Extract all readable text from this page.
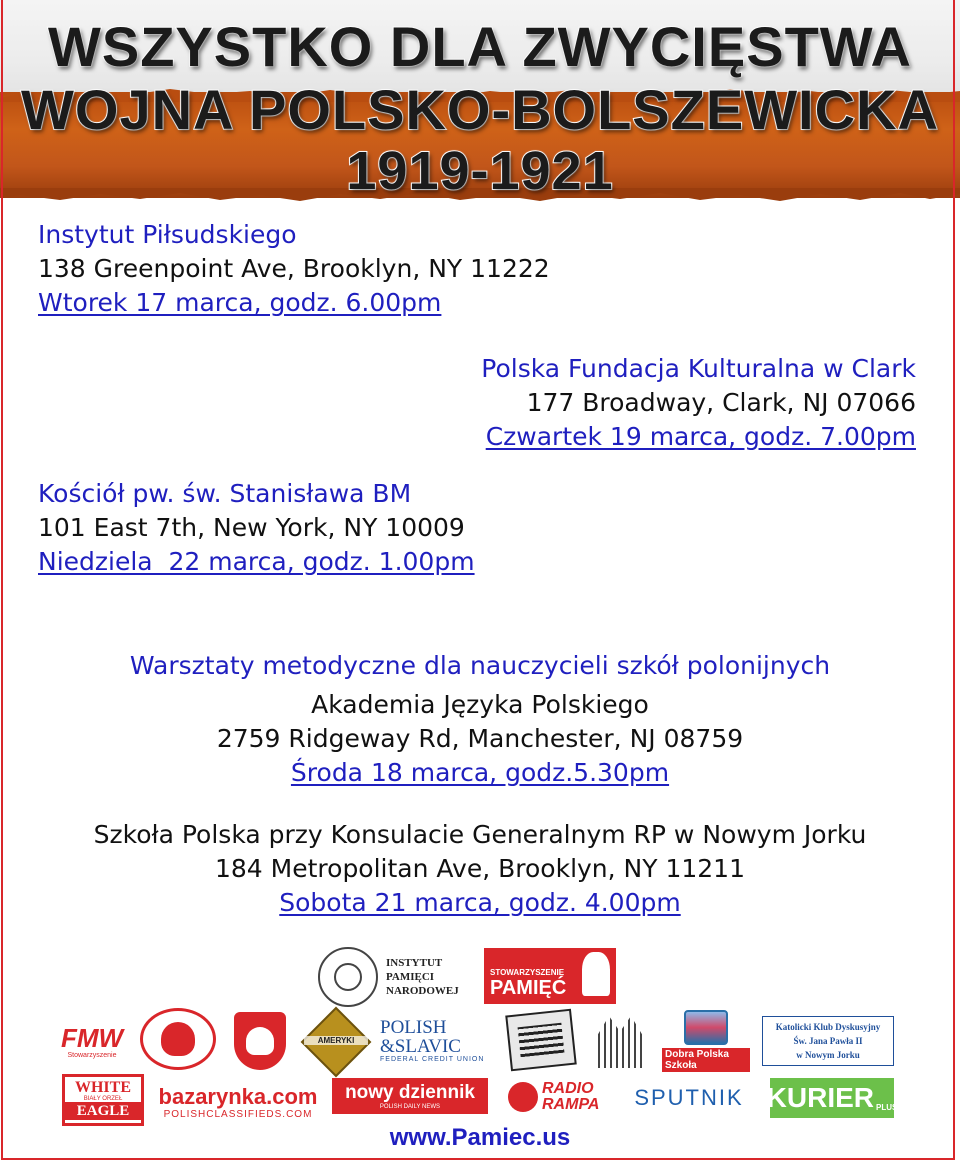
WSZYSTKO DLA ZWYCIĘSTWA
WOJNA POLSKO-BOLSZEWICKA
1919-1921
Instytut Piłsudskiego
138 Greenpoint Ave, Brooklyn, NY 11222
Wtorek 17 marca, godz. 6.00pm
Polska Fundacja Kulturalna w Clark
177 Broadway, Clark, NJ 07066
Czwartek 19 marca, godz. 7.00pm
Kościół pw. św. Stanisława BM
101 East 7th, New York, NY 10009
Niedziela  22 marca, godz. 1.00pm
Warsztaty metodyczne dla nauczycieli szkół polonijnych
Akademia Języka Polskiego
2759 Ridgeway Rd, Manchester, NJ 08759
Środa 18 marca, godz.5.30pm
Szkoła Polska przy Konsulacie Generalnym RP w Nowym Jorku
184 Metropolitan Ave, Brooklyn, NY 11211
Sobota 21 marca, godz. 4.00pm
INSTYTUT
PAMIĘCI
NARODOWEJ
STOWARZYSZENIE
PAMIĘĆ
FMW
Stowarzyszenie
AMERYKI
POLISH
&SLAVIC
FEDERAL CREDIT UNION	Dobra Polska Szkoła
Katolicki Klub Dyskusyjny
Św. Jana Pawła II
w Nowym Jorku
WHITE
BIAŁY ORZEŁ
EAGLE
bazarynka.com
POLISHCLASSIFIEDS.COM
nowy dziennik
POLISH DAILY NEWS
RADIO RAMPA	SPUTNIK KURIER PLUS
www.Pamiec.us
